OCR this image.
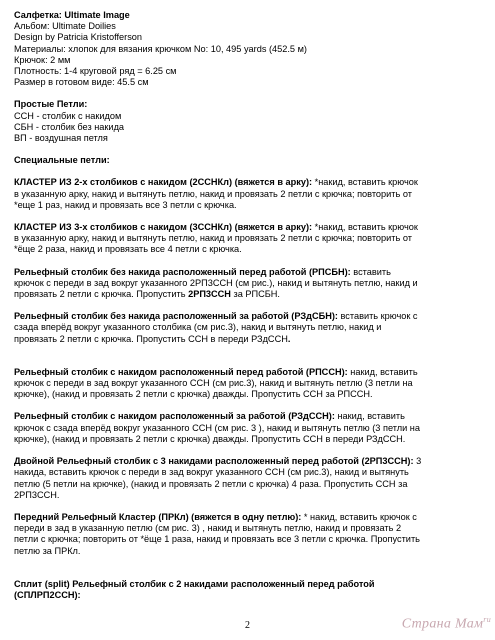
Салфетка: Ultimate Image
Альбом: Ultimate Doilies
Design by Patricia Kristofferson
Материалы: хлопок для вязания крючком No: 10, 495 yards (452.5 м)
Крючок: 2 мм
Плотность: 1-4 круговой ряд = 6.25 см
Размер в готовом виде: 45.5 см
Простые Петли:
ССН - столбик с накидом
СБН - столбик без накида
ВП - воздушная петля
Специальные петли:
КЛАСТЕР ИЗ 2-х столбиков с накидом (2ССНКл) (вяжется в арку): *накид, вставить крючок
в указанную арку, накид и вытянуть петлю, накид и провязать 2 петли с крючка; повторить от
*еще 1 раз, накид и провязать все 3 петли с крючка.
КЛАСТЕР ИЗ 3-х столбиков с накидом (3ССНКл) (вяжется в арку): *накид, вставить крючок
в указанную арку, накид и вытянуть петлю, накид и провязать 2 петли с крючка; повторить от
*ёще 2 раза, накид и провязать все 4 петли с крючка.
Рельефный столбик без накида расположенный перед работой (РПСБН): вставить
крючок с переди в зад вокруг указанного 2РП3ССН (см рис.), накид и вытянуть петлю, накид и
провязать 2 петли с крючка. Пропустить 2РП3ССН за РПСБН.
Рельефный столбик без накида расположенный за работой (РЗдСБН): вставить крючок с
сзада вперёд вокруг указанного столбика (см рис.3), накид и вытянуть петлю, накид и
провязать 2 петли с крючка. Пропустить ССН в переди РЗдССН.
Рельефный столбик с накидом расположенный перед работой (РПССН): накид, вставить
крючок с переди в зад вокруг указанного ССН (см рис.3), накид и вытянуть петлю (3 петли на
крючке), (накид и провязать 2 петли с крючка) дважды. Пропустить ССН за РПССН.
Рельефный столбик с накидом расположенный за работой (РЗдССН): накид, вставить
крючок с сзада вперёд вокруг указанного ССН (см рис. 3 ), накид и вытянуть петлю (3 петли на
крючке), (накид и провязать 2 петли с крючка) дважды. Пропустить ССН в переди РЗдССН.
Двойной Рельефный столбик с 3 накидами расположенный перед работой (2РП3ССН): 3
накида, вставить крючок с переди в зад вокруг указанного ССН (см рис.3), накид и вытянуть
петлю (5 петли на крючке), (накид и провязать 2 петли с крючка) 4 раза. Пропустить ССН за
2РП3ССН.
Передний Рельефный Кластер (ПРКл) (вяжется в одну петлю): * накид, вставить крючок с
переди в зад в указанную петлю (см рис. 3) , накид и вытянуть петлю, накид и провязать 2
петли с крючка; повторить от *ёще 1 раза, накид и провязать все 3 петли с крючка. Пропустить
петлю за ПРКл.
Сплит (split) Рельефный столбик с 2 накидами расположенный перед работой
(СПЛРП2ССН):
2	Страна Мам$^{ru}$
